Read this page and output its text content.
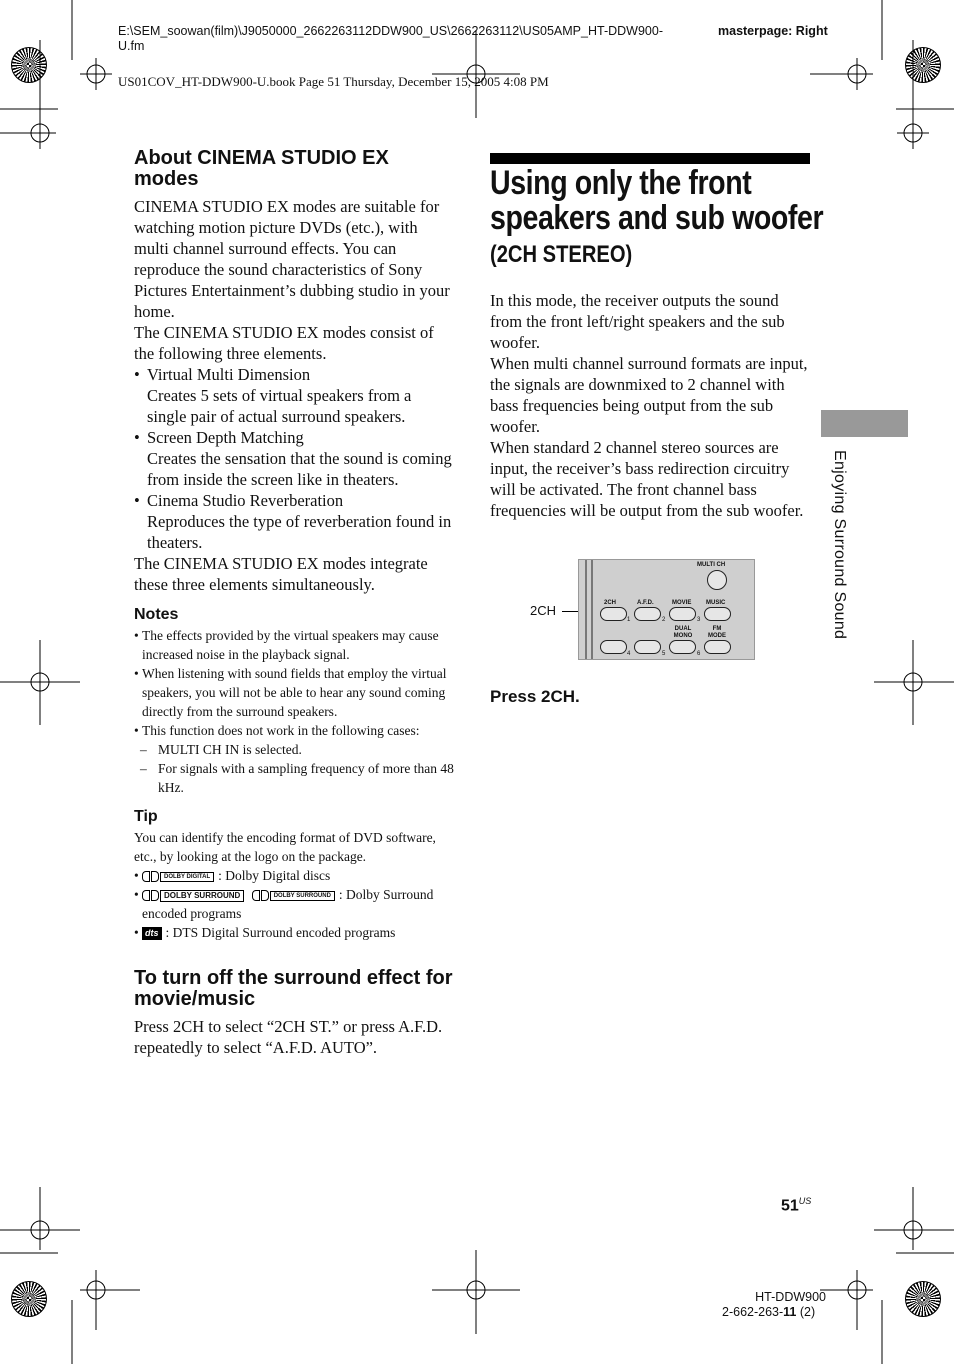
E:\SEM_soowan(film)\J9050000_2662263112DDW900_US\2662263112\US05AMP_HT-DDW900-U.fm
masterpage: Right
US01COV_HT-DDW900-U.book Page 51 Thursday, December 15, 2005 4:08 PM
About CINEMA STUDIO EX modes

CINEMA STUDIO EX modes are suitable for watching motion picture DVDs (etc.), with multi channel surround effects. You can reproduce the sound characteristics of Sony Pictures Entertainment’s dubbing studio in your home.

The CINEMA STUDIO EX modes consist of the following three elements.

• Virtual Multi Dimension
Creates 5 sets of virtual speakers from a single pair of actual surround speakers.
• Screen Depth Matching
Creates the sensation that the sound is coming from inside the screen like in theaters.
• Cinema Studio Reverberation
Reproduces the type of reverberation found in theaters.

The CINEMA STUDIO EX modes integrate these three elements simultaneously.

Notes
• The effects provided by the virtual speakers may cause increased noise in the playback signal.
• When listening with sound fields that employ the virtual speakers, you will not be able to hear any sound coming directly from the surround speakers.
• This function does not work in the following cases:
– MULTI CH IN is selected.
– For signals with a sampling frequency of more than 48 kHz.
Tip

You can identify the encoding format of DVD software, etc., by looking at the logo on the package.

• DOLBY DIGITAL : Dolby Digital discs
• DOLBY SURROUND
	DOLBY SURROUND : Dolby Surround encoded programs
• dts : DTS Digital Surround encoded programs
To turn off the surround effect for movie/music

Press 2CH to select “2CH ST.” or press A.F.D. repeatedly to select “A.F.D. AUTO”.

Using only the front
speakers and sub woofer
(2CH STEREO)

In this mode, the receiver outputs the sound from the front left/right speakers and the sub woofer.

When multi channel surround formats are input, the signals are downmixed to 2 channel with bass frequencies being output from the sub woofer.

When standard 2 channel stereo sources are input, the receiver’s bass redirection circuitry will be activated. The front channel bass frequencies will be output from the sub woofer.

2CH
MULTI CH
2CH	A.F.D.	MOVIE MUSIC
1	2	3
DUAL MONO
FM MODE
4	5	6
Press 2CH.
Enjoying Surround Sound
$51^{US}$
HT-DDW900
2-662-263-11 (2)
